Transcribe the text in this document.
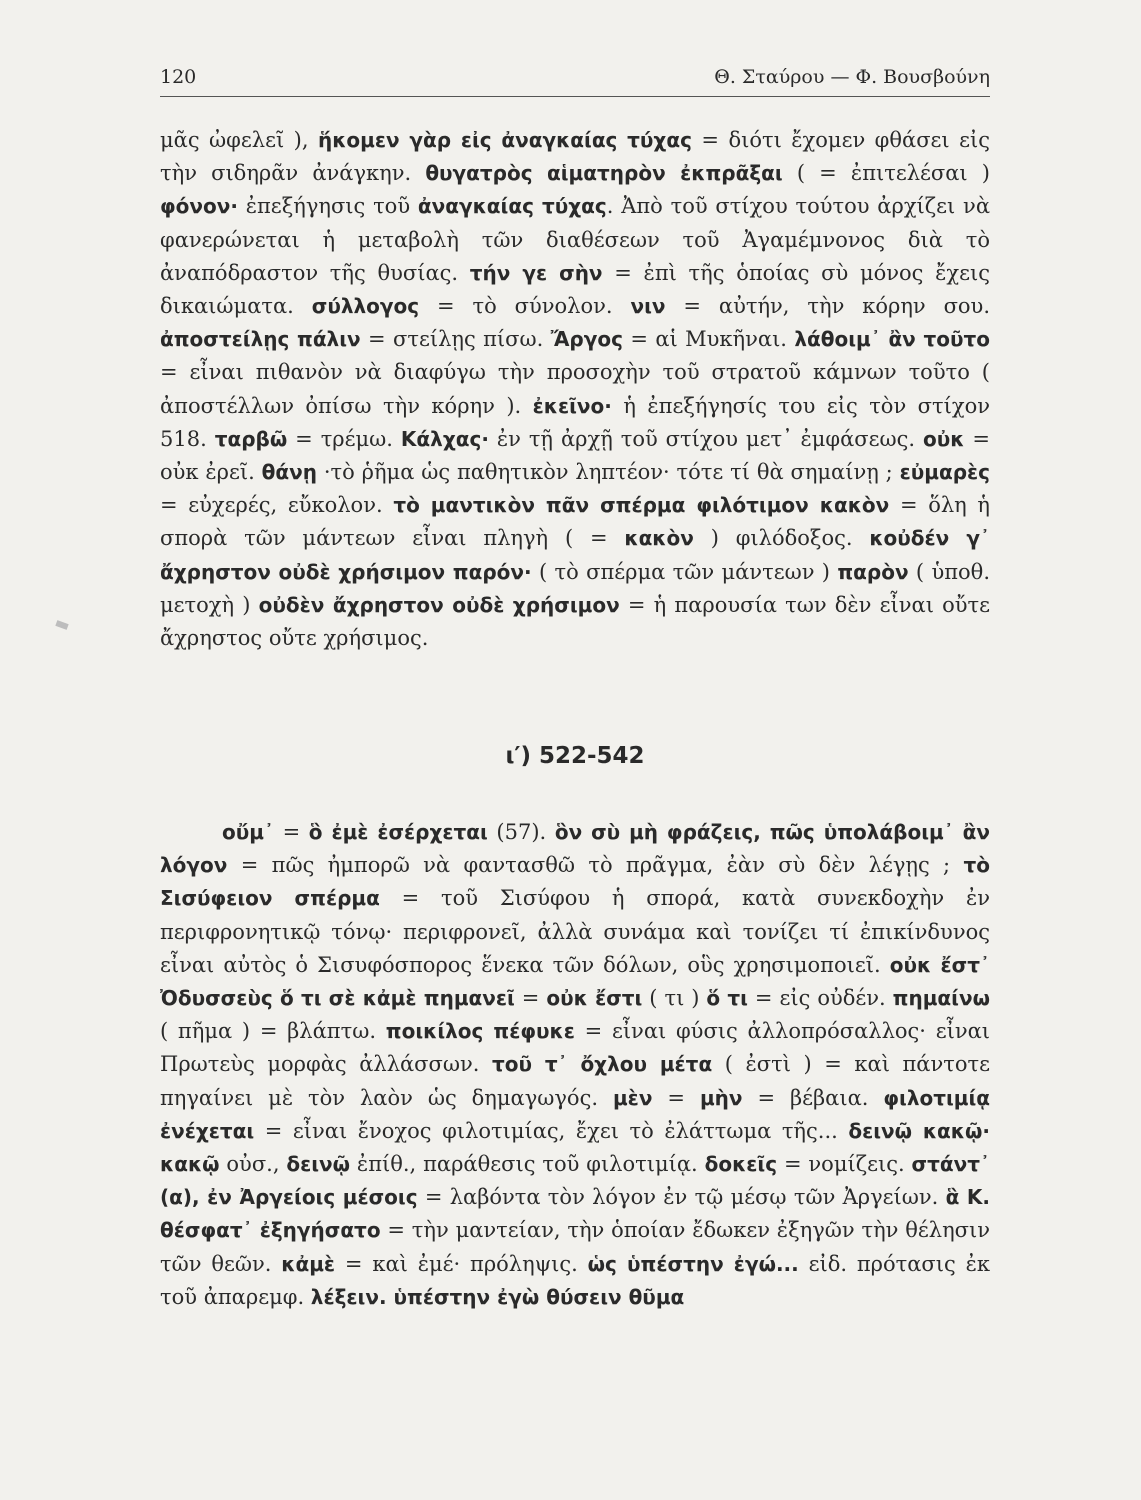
120	Θ. Σταύρου — Φ. Βουσβούνη
μᾶς ὠφελεῖ ), ἥκομεν γὰρ εἰς ἀναγκαίας τύχας = διότι ἔχομεν φθάσει εἰς τὴν σιδηρᾶν ἀνάγκην. θυγατρὸς αἱματηρὸν ἐκπρᾶξαι ( = ἐπιτελέσαι ) φόνον· ἐπεξήγησις τοῦ ἀναγκαίας τύχας. Ἀπὸ τοῦ στίχου τούτου ἀρχίζει νὰ φανερώνεται ἡ μεταβολὴ τῶν διαθέσεων τοῦ Ἀγαμέμνονος διὰ τὸ ἀναπόδραστον τῆς θυσίας. τήν γε σὴν = ἐπὶ τῆς ὁποίας σὺ μόνος ἔχεις δικαιώματα. σύλλογος = τὸ σύνολον. νιν = αὐτήν, τὴν κόρην σου. ἀποστείλῃς πάλιν = στείλῃς πίσω. Ἄργος = αἱ Μυκῆναι. λάθοιμ᾽ ἂν τοῦτο = εἶναι πιθανὸν νὰ διαφύγω τὴν προσοχὴν τοῦ στρατοῦ κάμνων τοῦτο ( ἀποστέλλων ὀπίσω τὴν κόρην ). ἐκεῖνο· ἡ ἐπεξήγησίς του εἰς τὸν στίχον 518. ταρβῶ = τρέμω. Κάλχας· ἐν τῇ ἀρχῇ τοῦ στίχου μετ᾽ ἐμφάσεως. οὐκ = οὐκ ἐρεῖ. θάνῃ ·τὸ ῥῆμα ὡς παθητικὸν ληπτέον· τότε τί θὰ σημαίνῃ ; εὐμαρὲς = εὐχερές, εὔκολον. τὸ μαντικὸν πᾶν σπέρμα φιλότιμον κακὸν = ὅλη ἡ σπορὰ τῶν μάντεων εἶναι πληγὴ ( = κακὸν ) φιλόδοξος. κοὐδέν γ᾽ ἄχρηστον οὐδὲ χρήσιμον παρόν· ( τὸ σπέρμα τῶν μάντεων ) παρὸν ( ὑποθ. μετοχὴ ) οὐδὲν ἄχρηστον οὐδὲ χρήσιμον = ἡ παρουσία των δὲν εἶναι οὔτε ἄχρηστος οὔτε χρήσιμος.
ι′) 522-542
οὔμ᾽ = ὃ ἐμὲ ἐσέρχεται (57). ὃν σὺ μὴ φράζεις, πῶς ὑπολάβοιμ᾽ ἂν λόγον = πῶς ἠμπορῶ νὰ φαντασθῶ τὸ πρᾶγμα, ἐὰν σὺ δὲν λέγῃς ; τὸ Σισύφειον σπέρμα = τοῦ Σισύφου ἡ σπορά, κατὰ συνεκδοχὴν ἐν περιφρονητικῷ τόνῳ· περιφρονεῖ, ἀλλὰ συνάμα καὶ τονίζει τί ἐπικίνδυνος εἶναι αὐτὸς ὁ Σισυφόσπορος ἕνεκα τῶν δόλων, οὓς χρησιμοποιεῖ. οὐκ ἔστ᾽ Ὀδυσσεὺς ὅ τι σὲ κἀμὲ πημανεῖ = οὐκ ἔστι ( τι ) ὅ τι = εἰς οὐδέν. πημαίνω ( πῆμα ) = βλάπτω. ποικίλος πέφυκε = εἶναι φύσις ἀλλοπρόσαλλος· εἶναι Πρωτεὺς μορφὰς ἀλλάσσων. τοῦ τ᾽ ὄχλου μέτα ( ἐστὶ ) = καὶ πάντοτε πηγαίνει μὲ τὸν λαὸν ὡς δημαγωγός. μὲν = μὴν = βέβαια. φιλοτιμίᾳ ἐνέχεται = εἶναι ἔνοχος φιλοτιμίας, ἔχει τὸ ἐλάττωμα τῆς... δεινῷ κακῷ· κακῷ οὐσ., δεινῷ ἐπίθ., παράθεσις τοῦ φιλοτιμίᾳ. δοκεῖς = νομίζεις. στάντ᾽ (α), ἐν Ἀργείοις μέσοις = λαβόντα τὸν λόγον ἐν τῷ μέσῳ τῶν Ἀργείων. ἃ Κ. θέσφατ᾽ ἐξηγήσατο = τὴν μαντείαν, τὴν ὁποίαν ἔδωκεν ἐξηγῶν τὴν θέλησιν τῶν θεῶν. κἀμὲ = καὶ ἐμέ· πρόληψις. ὡς ὑπέστην ἐγώ... εἰδ. πρότασις ἐκ τοῦ ἀπαρεμφ. λέξειν. ὑπέστην ἐγὼ θύσειν θῦμα
